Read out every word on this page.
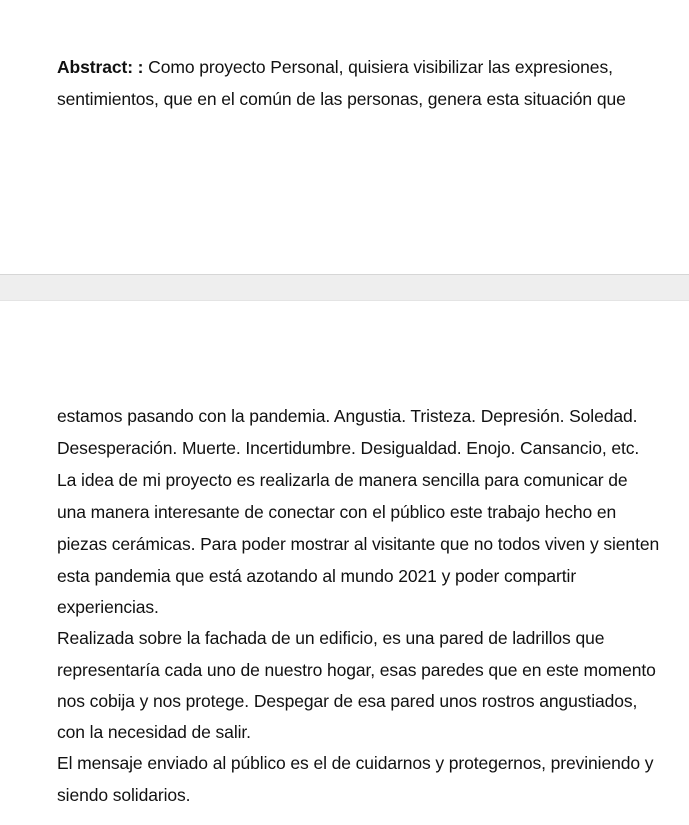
Abstract: : Como proyecto Personal, quisiera visibilizar las expresiones,
sentimientos, que en el común de las personas, genera esta situación que
estamos pasando con la pandemia. Angustia. Tristeza. Depresión. Soledad.
Desesperación. Muerte. Incertidumbre. Desigualdad. Enojo. Cansancio, etc.
La idea de mi proyecto es realizarla de manera sencilla para comunicar de
una manera interesante de conectar con el público este trabajo hecho en
piezas cerámicas. Para poder mostrar al visitante que no todos viven y sienten
esta pandemia que está azotando al mundo 2021 y poder compartir
experiencias.
Realizada sobre la fachada de un edificio, es una pared de ladrillos que
representaría cada uno de nuestro hogar, esas paredes que en este momento
nos cobija y nos protege. Despegar de esa pared unos rostros angustiados,
con la necesidad de salir.
El mensaje enviado al público es el de cuidarnos y protegernos, previniendo y
siendo solidarios.
